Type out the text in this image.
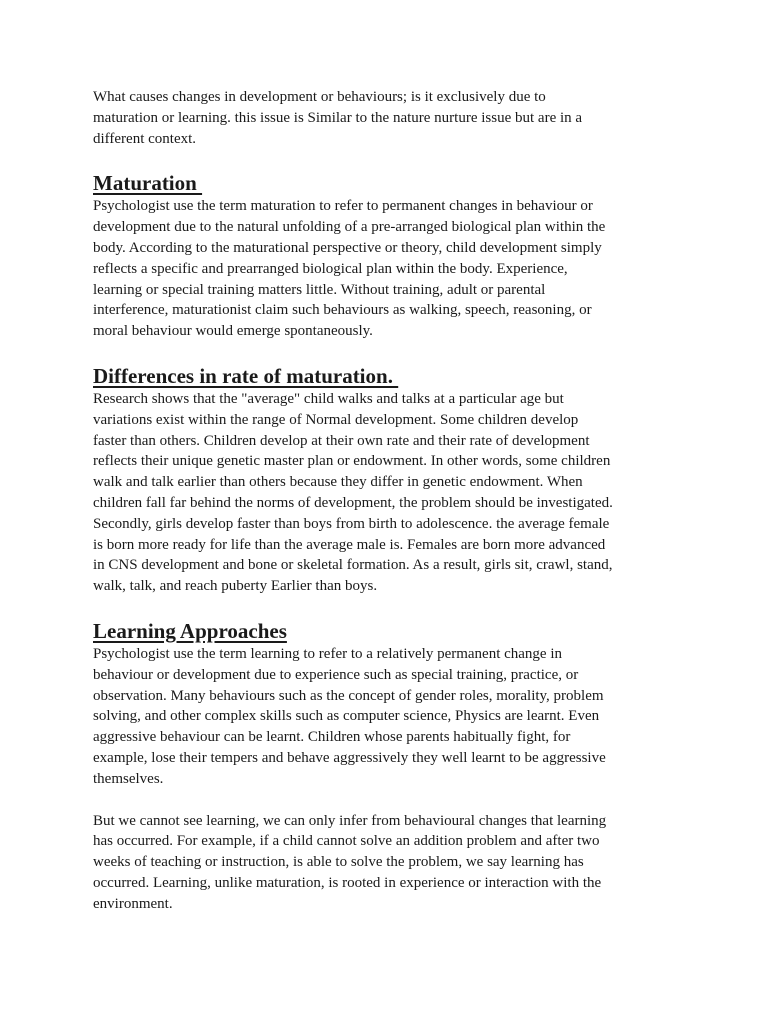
What causes changes in development or behaviours; is it exclusively due to
maturation or learning. this issue is Similar to the nature nurture issue but are in a
different context.

Maturation

Psychologist use the term maturation to refer to permanent changes in behaviour or
development due to the natural unfolding of a pre-arranged biological plan within the
body. According to the maturational perspective or theory, child development simply
reflects a specific and prearranged biological plan within the body. Experience,
learning or special training matters little. Without training, adult or parental
interference, maturationist claim such behaviours as walking, speech, reasoning, or
moral behaviour would emerge spontaneously.

Differences in rate of maturation.

Research shows that the "average" child walks and talks at a particular age but
variations exist within the range of Normal development. Some children develop
faster than others. Children develop at their own rate and their rate of development
reflects their unique genetic master plan or endowment. In other words, some children
walk and talk earlier than others because they differ in genetic endowment. When
children fall far behind the norms of development, the problem should be investigated.
Secondly, girls develop faster than boys from birth to adolescence. the average female
is born more ready for life than the average male is. Females are born more advanced
in CNS development and bone or skeletal formation. As a result, girls sit, crawl, stand,
walk, talk, and reach puberty Earlier than boys.

Learning Approaches

Psychologist use the term learning to refer to a relatively permanent change in
behaviour or development due to experience such as special training, practice, or
observation. Many behaviours such as the concept of gender roles, morality, problem
solving, and other complex skills such as computer science, Physics are learnt. Even
aggressive behaviour can be learnt. Children whose parents habitually fight, for
example, lose their tempers and behave aggressively they well learnt to be aggressive
themselves.

But we cannot see learning, we can only infer from behavioural changes that learning
has occurred. For example, if a child cannot solve an addition problem and after two
weeks of teaching or instruction, is able to solve the problem, we say learning has
occurred. Learning, unlike maturation, is rooted in experience or interaction with the
environment.
